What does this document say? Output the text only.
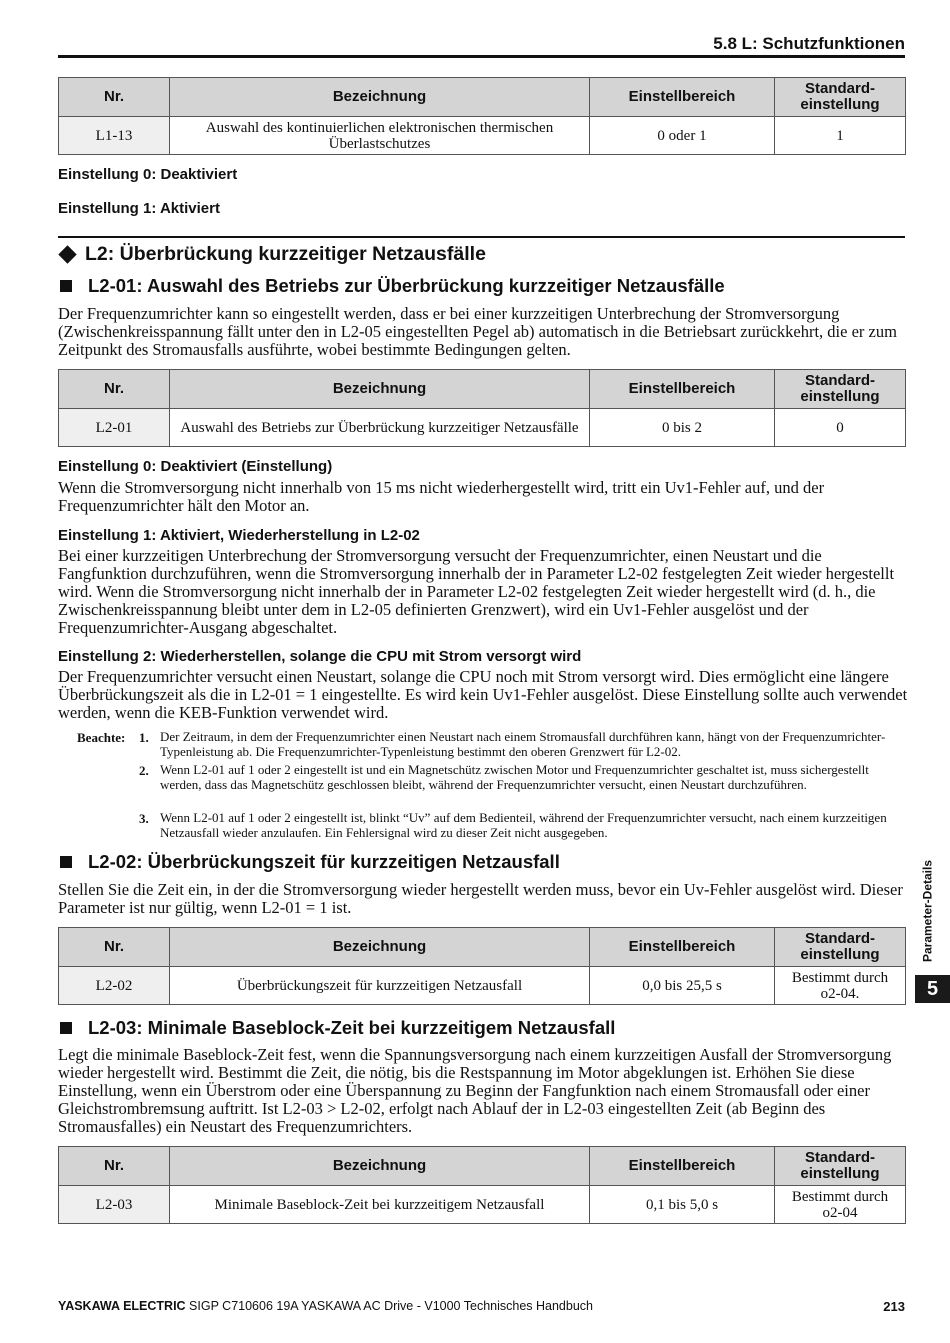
5.8 L: Schutzfunktionen
Nr.	Bezeichnung	Einstellbereich	Standard-
einstellung
L1-13	Auswahl des kontinuierlichen elektronischen thermischen Überlastschutzes	0 oder 1	1
Einstellung 0: Deaktiviert
Einstellung 1: Aktiviert
L2: Überbrückung kurzzeitiger Netzausfälle
L2-01: Auswahl des Betriebs zur Überbrückung kurzzeitiger Netzausfälle
Der Frequenzumrichter kann so eingestellt werden, dass er bei einer kurzzeitigen Unterbrechung der Stromversorgung (Zwischenkreisspannung fällt unter den in L2-05 eingestellten Pegel ab) automatisch in die Betriebsart zurückkehrt, die er zum Zeitpunkt des Stromausfalls ausführte, wobei bestimmte Bedingungen gelten.
Nr.	Bezeichnung	Einstellbereich	Standard-
einstellung
L2-01	Auswahl des Betriebs zur Überbrückung kurzzeitiger Netzausfälle	0 bis 2	0
Einstellung 0: Deaktiviert (Einstellung)
Wenn die Stromversorgung nicht innerhalb von 15 ms nicht wiederhergestellt wird, tritt ein Uv1-Fehler auf, und der Frequenzumrichter hält den Motor an.
Einstellung 1: Aktiviert, Wiederherstellung in L2-02
Bei einer kurzzeitigen Unterbrechung der Stromversorgung versucht der Frequenzumrichter, einen Neustart und die Fangfunktion durchzuführen, wenn die Stromversorgung innerhalb der in Parameter L2-02 festgelegten Zeit wieder hergestellt wird. Wenn die Stromversorgung nicht innerhalb der in Parameter L2-02 festgelegten Zeit wieder hergestellt wird (d. h., die Zwischenkreisspannung bleibt unter dem in L2-05 definierten Grenzwert), wird ein Uv1-Fehler ausgelöst und der Frequenzumrichter-Ausgang abgeschaltet.
Einstellung 2: Wiederherstellen, solange die CPU mit Strom versorgt wird
Der Frequenzumrichter versucht einen Neustart, solange die CPU noch mit Strom versorgt wird. Dies ermöglicht eine längere Überbrückungszeit als die in L2-01 = 1 eingestellte. Es wird kein Uv1-Fehler ausgelöst. Diese Einstellung sollte auch verwendet werden, wenn die KEB-Funktion verwendet wird.
Beachte: 1. Der Zeitraum, in dem der Frequenzumrichter einen Neustart nach einem Stromausfall durchführen kann, hängt von der Frequenzumrichter-Typenleistung ab. Die Frequenzumrichter-Typenleistung bestimmt den oberen Grenzwert für L2-02.
2. Wenn L2-01 auf 1 oder 2 eingestellt ist und ein Magnetschütz zwischen Motor und Frequenzumrichter geschaltet ist, muss sichergestellt werden, dass das Magnetschütz geschlossen bleibt, während der Frequenzumrichter versucht, einen Neustart durchzuführen.
3. Wenn L2-01 auf 1 oder 2 eingestellt ist, blinkt “Uv” auf dem Bedienteil, während der Frequenzumrichter versucht, nach einem kurzzeitigen Netzausfall wieder anzulaufen. Ein Fehlersignal wird zu dieser Zeit nicht ausgegeben.
L2-02: Überbrückungszeit für kurzzeitigen Netzausfall
Stellen Sie die Zeit ein, in der die Stromversorgung wieder hergestellt werden muss, bevor ein Uv-Fehler ausgelöst wird. Dieser Parameter ist nur gültig, wenn L2-01 = 1 ist.
Nr.	Bezeichnung	Einstellbereich	Standard-
einstellung
L2-02	Überbrückungszeit für kurzzeitigen Netzausfall	0,0 bis 25,5 s	Bestimmt durch
o2-04.
L2-03: Minimale Baseblock-Zeit bei kurzzeitigem Netzausfall
Legt die minimale Baseblock-Zeit fest, wenn die Spannungsversorgung nach einem kurzzeitigen Ausfall der Stromversorgung wieder hergestellt wird. Bestimmt die Zeit, die nötig, bis die Restspannung im Motor abgeklungen ist. Erhöhen Sie diese Einstellung, wenn ein Überstrom oder eine Überspannung zu Beginn der Fangfunktion nach einem Stromausfall oder einer Gleichstrombremsung auftritt. Ist L2-03 > L2-02, erfolgt nach Ablauf der in L2-03 eingestellten Zeit (ab Beginn des Stromausfalles) ein Neustart des Frequenzumrichters.
Nr.	Bezeichnung	Einstellbereich	Standard-
einstellung
L2-03	Minimale Baseblock-Zeit bei kurzzeitigem Netzausfall	0,1 bis 5,0 s	Bestimmt durch
o2-04
Parameter-Details
5
YASKAWA ELECTRIC SIGP C710606 19A YASKAWA AC Drive - V1000 Technisches Handbuch	213
